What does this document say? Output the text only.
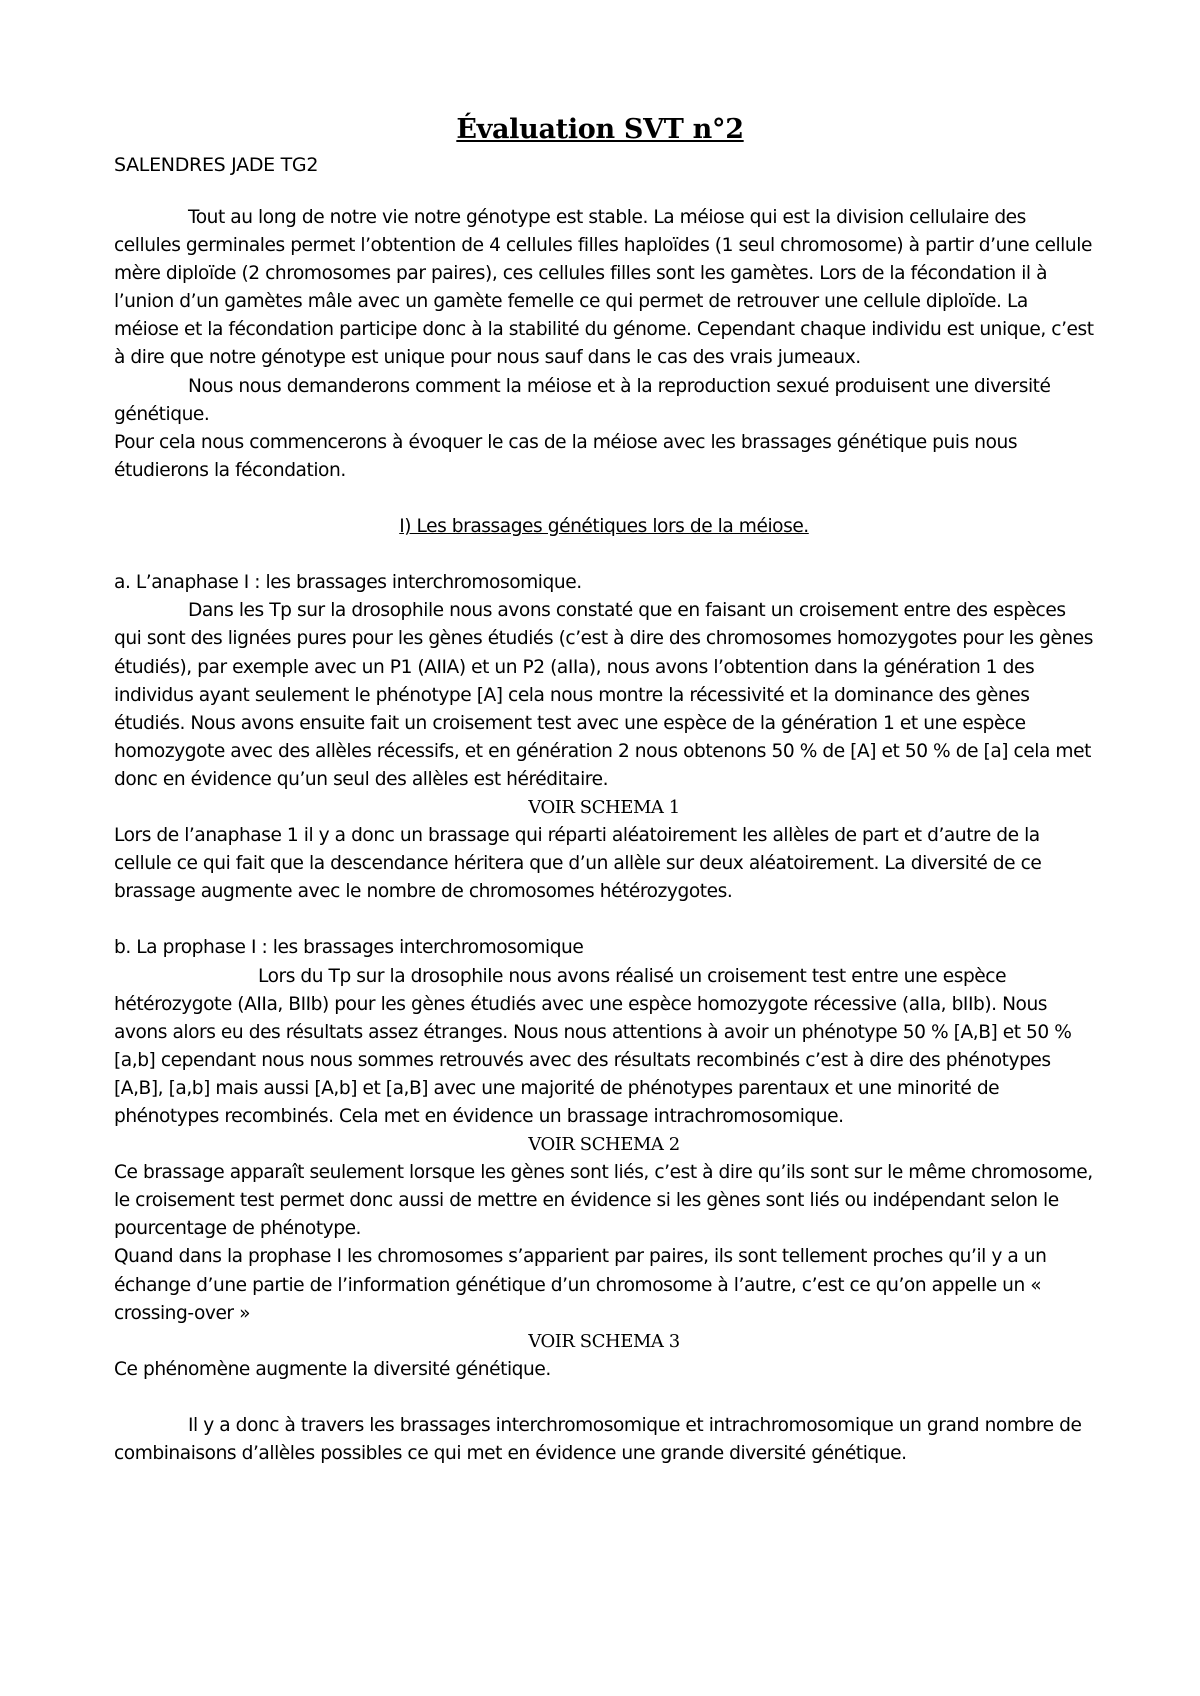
Évaluation SVT n°2
SALENDRES JADE TG2

Tout au long de notre vie notre génotype est stable. La méiose qui est la division cellulaire des cellules germinales permet l’obtention de 4 cellules filles haploïdes (1 seul chromosome) à partir d’une cellule mère diploïde (2 chromosomes par paires), ces cellules filles sont les gamètes. Lors de la fécondation il à l’union d’un gamètes mâle avec un gamète femelle ce qui permet de retrouver une cellule diploïde. La méiose et la fécondation participe donc à la stabilité du génome. Cependant chaque individu est unique, c’est à dire que notre génotype est unique pour nous sauf dans le cas des vrais jumeaux.

Nous nous demanderons comment la méiose et à la reproduction sexué produisent une diversité génétique.

Pour cela nous commencerons à évoquer le cas de la méiose avec les brassages génétique puis nous étudierons la fécondation.

I) Les brassages génétiques lors de la méiose.

a. L’anaphase I : les brassages interchromosomique.

Dans les Tp sur la drosophile nous avons constaté que en faisant un croisement entre des espèces qui sont des lignées pures pour les gènes étudiés (c’est à dire des chromosomes homozygotes pour les gènes étudiés), par exemple avec un P1 (AIIA) et un P2 (aIIa), nous avons l’obtention dans la génération 1 des individus ayant seulement le phénotype [A] cela nous montre la récessivité et la dominance des gènes étudiés. Nous avons ensuite fait un croisement test avec une espèce de la génération 1 et une espèce homozygote avec des allèles récessifs, et en génération 2 nous obtenons 50 % de [A] et 50 % de [a] cela met donc en évidence qu’un seul des allèles est héréditaire.

VOIR SCHEMA 1

Lors de l’anaphase 1 il y a donc un brassage qui réparti aléatoirement les allèles de part et d’autre de la cellule ce qui fait que la descendance héritera que d’un allèle sur deux aléatoirement. La diversité de ce brassage augmente avec le nombre de chromosomes hétérozygotes.

b. La prophase I : les brassages interchromosomique

Lors du Tp sur la drosophile nous avons réalisé un croisement test entre une espèce hétérozygote (AIIa, BIIb) pour les gènes étudiés avec une espèce homozygote récessive (aIIa, bIIb). Nous avons alors eu des résultats assez étranges. Nous nous attentions à avoir un phénotype 50 % [A,B] et 50 % [a,b] cependant nous nous sommes retrouvés avec des résultats recombinés c’est à dire des phénotypes [A,B], [a,b] mais aussi [A,b] et [a,B] avec une majorité de phénotypes parentaux et une minorité de phénotypes recombinés. Cela met en évidence un brassage intrachromosomique.

VOIR SCHEMA 2

Ce brassage apparaît seulement lorsque les gènes sont liés, c’est à dire qu’ils sont sur le même chromosome, le croisement test permet donc aussi de mettre en évidence si les gènes sont liés ou indépendant selon le pourcentage de phénotype.

Quand dans la prophase I les chromosomes s’apparient par paires, ils sont tellement proches qu’il y a un échange d’une partie de l’information génétique d’un chromosome à l’autre, c’est ce qu’on appelle un « crossing-over »

VOIR SCHEMA 3

Ce phénomène augmente la diversité génétique.

Il y a donc à travers les brassages interchromosomique et intrachromosomique un grand nombre de combinaisons d’allèles possibles ce qui met en évidence une grande diversité génétique.
